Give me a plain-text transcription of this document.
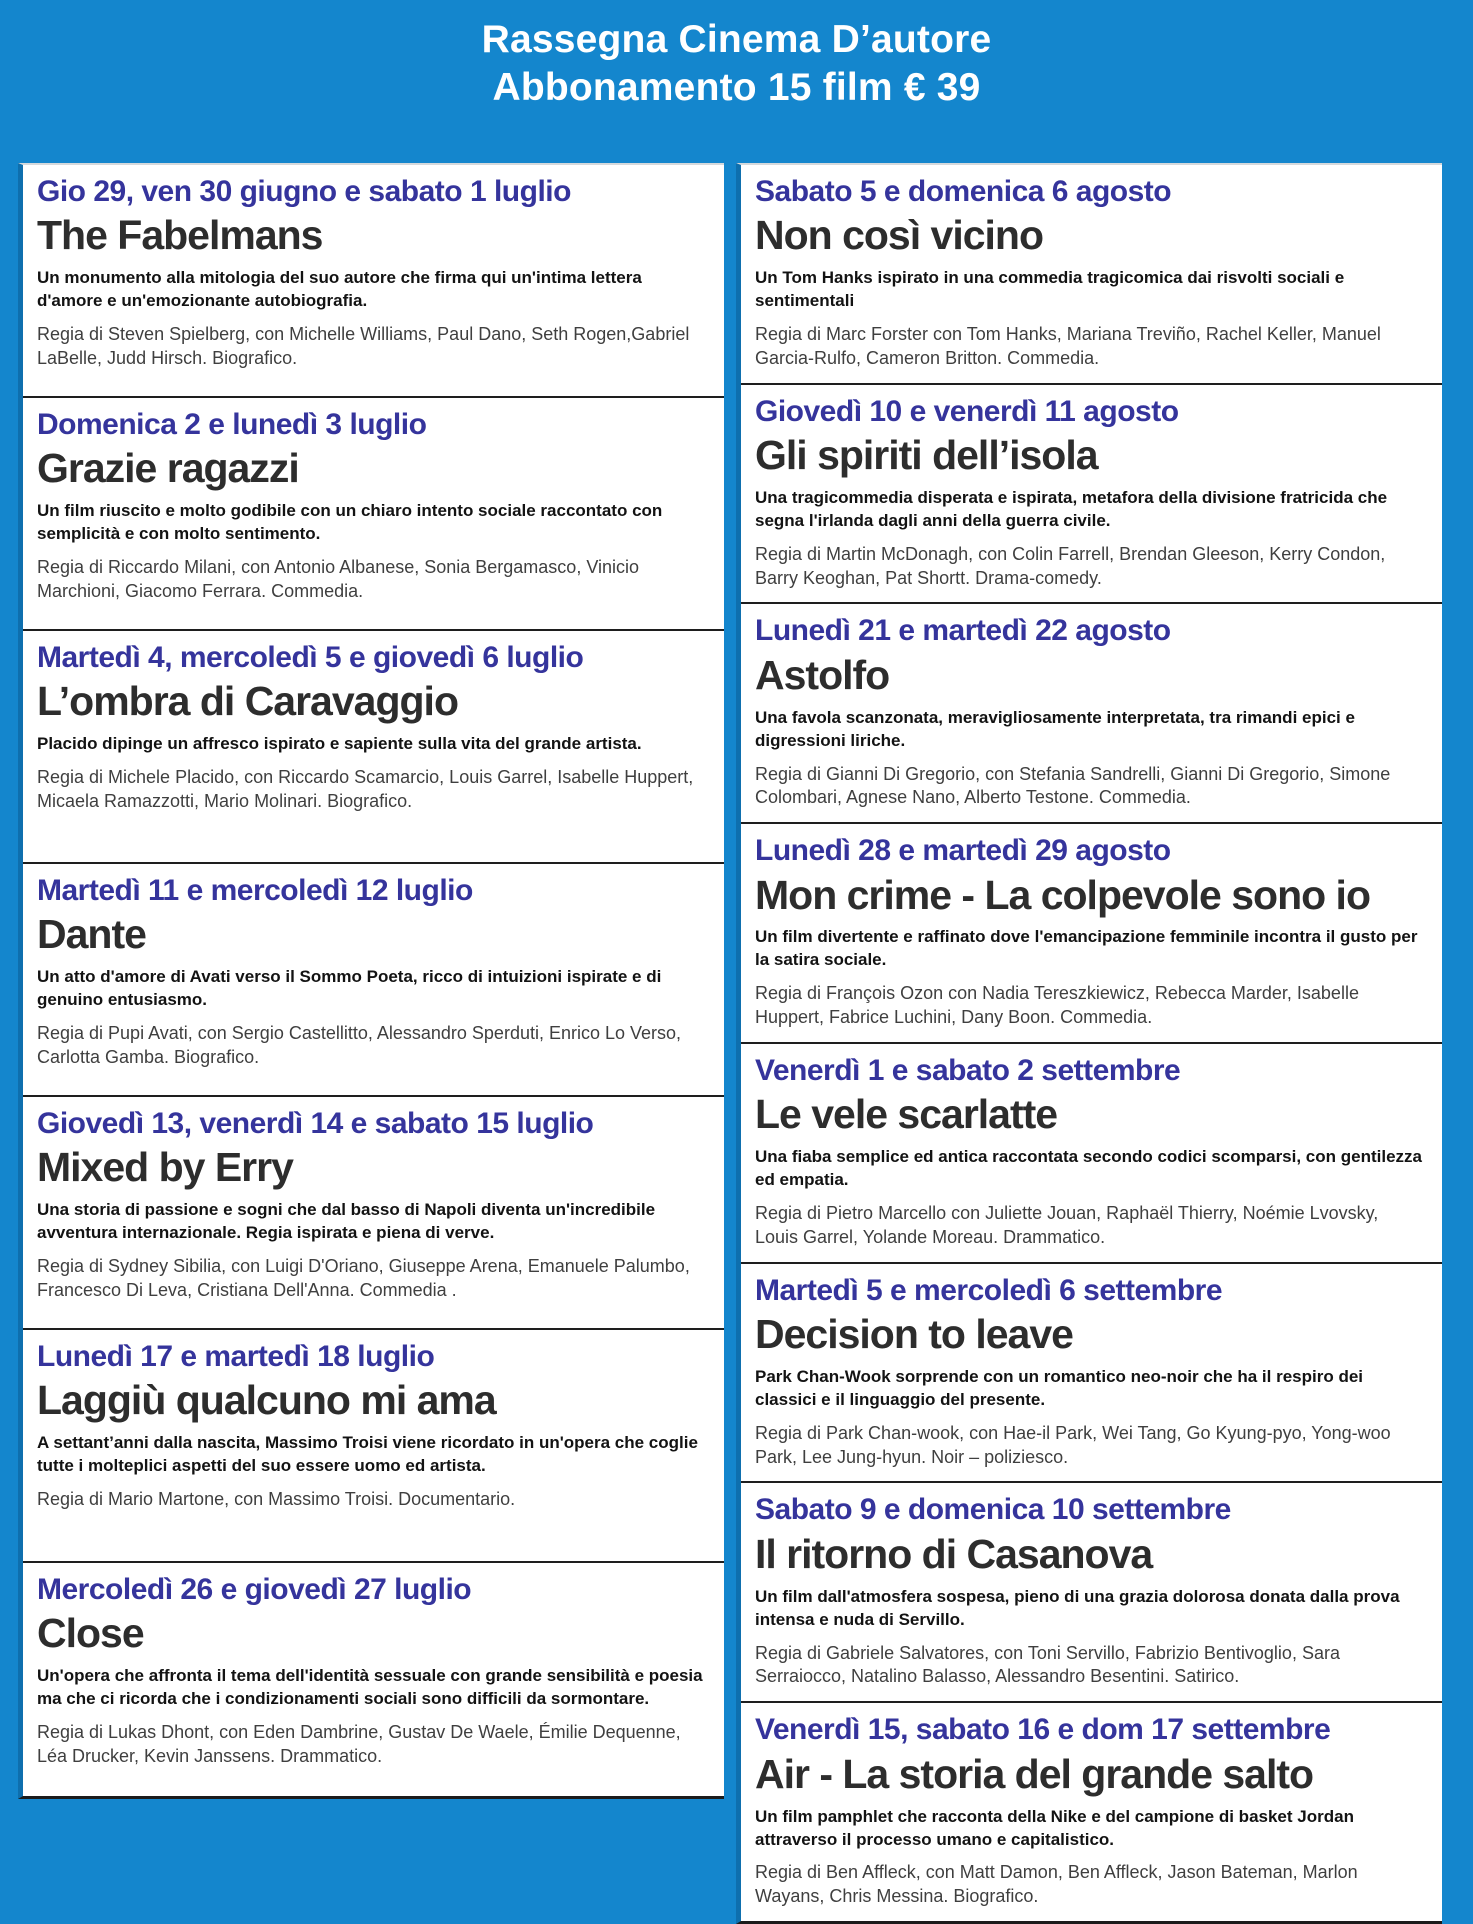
Rassegna Cinema D’autore
Abbonamento 15 film € 39
Gio 29, ven 30 giugno e sabato 1 luglio
The Fabelmans

Un monumento alla mitologia del suo autore che firma qui un'intima lettera d'amore e un'emozionante autobiografia.

Regia di Steven Spielberg, con Michelle Williams, Paul Dano, Seth Rogen,Gabriel LaBelle, Judd Hirsch. Biografico.

Domenica 2 e lunedì 3 luglio
Grazie ragazzi

Un film riuscito e molto godibile con un chiaro intento sociale raccontato con semplicità e con molto sentimento.

Regia di Riccardo Milani, con Antonio Albanese, Sonia Bergamasco, Vinicio Marchioni, Giacomo Ferrara. Commedia.

Martedì 4, mercoledì 5 e giovedì 6 luglio
L’ombra di Caravaggio

Placido dipinge un affresco ispirato e sapiente sulla vita del grande artista.

Regia di Michele Placido, con Riccardo Scamarcio, Louis Garrel, Isabelle Huppert, Micaela Ramazzotti, Mario Molinari. Biografico.

Martedì 11 e mercoledì 12 luglio
Dante

Un atto d'amore di Avati verso il Sommo Poeta, ricco di intuizioni ispirate e di genuino entusiasmo.

Regia di Pupi Avati, con Sergio Castellitto, Alessandro Sperduti, Enrico Lo Verso, Carlotta Gamba. Biografico.

Giovedì 13, venerdì 14 e sabato 15 luglio
Mixed by Erry

Una storia di passione e sogni che dal basso di Napoli diventa un'incredibile avventura internazionale. Regia ispirata e piena di verve.

Regia di Sydney Sibilia, con Luigi D'Oriano, Giuseppe Arena, Emanuele Palumbo, Francesco Di Leva, Cristiana Dell'Anna. Commedia .

Lunedì 17 e martedì 18 luglio
Laggiù qualcuno mi ama

A settant’anni dalla nascita, Massimo Troisi viene ricordato in un'opera che coglie tutte i molteplici aspetti del suo essere uomo ed artista.

Regia di Mario Martone, con Massimo Troisi. Documentario.

Mercoledì 26 e giovedì 27 luglio
Close

Un'opera che affronta il tema dell'identità sessuale con grande sensibilità e poesia ma che ci ricorda che i condizionamenti sociali sono difficili da sormontare.

Regia di Lukas Dhont, con Eden Dambrine, Gustav De Waele, Émilie Dequenne, Léa Drucker, Kevin Janssens. Drammatico.

Sabato 5 e domenica 6 agosto
Non così vicino

Un Tom Hanks ispirato in una commedia tragicomica dai risvolti sociali e sentimentali

Regia di Marc Forster con Tom Hanks, Mariana Treviño, Rachel Keller, Manuel Garcia-Rulfo, Cameron Britton. Commedia.

Giovedì 10 e venerdì 11 agosto
Gli spiriti dell’isola

Una tragicommedia disperata e ispirata, metafora della divisione fratricida che segna l'irlanda dagli anni della guerra civile.

Regia di Martin McDonagh, con Colin Farrell, Brendan Gleeson, Kerry Condon, Barry Keoghan, Pat Shortt. Drama-comedy.

Lunedì 21 e martedì 22 agosto
Astolfo

Una favola scanzonata, meravigliosamente interpretata, tra rimandi epici e digressioni liriche.

Regia di Gianni Di Gregorio, con Stefania Sandrelli, Gianni Di Gregorio, Simone Colombari, Agnese Nano, Alberto Testone. Commedia.

Lunedì 28 e martedì 29 agosto
Mon crime - La colpevole sono io

Un film divertente e raffinato dove l'emancipazione femminile incontra il gusto per la satira sociale.

Regia di François Ozon con Nadia Tereszkiewicz, Rebecca Marder, Isabelle Huppert, Fabrice Luchini, Dany Boon. Commedia.

Venerdì 1 e sabato 2 settembre
Le vele scarlatte

Una fiaba semplice ed antica raccontata secondo codici scomparsi, con gentilezza ed empatia.

Regia di Pietro Marcello con Juliette Jouan, Raphaël Thierry, Noémie Lvovsky, Louis Garrel, Yolande Moreau. Drammatico.

Martedì 5 e mercoledì 6 settembre
Decision to leave

Park Chan-Wook sorprende con un romantico neo-noir che ha il respiro dei classici e il linguaggio del presente.

Regia di Park Chan-wook, con Hae-il Park, Wei Tang, Go Kyung-pyo, Yong-woo Park, Lee Jung-hyun. Noir – poliziesco.

Sabato 9 e domenica 10 settembre
Il ritorno di Casanova

Un film dall'atmosfera sospesa, pieno di una grazia dolorosa donata dalla prova intensa e nuda di Servillo.

Regia di Gabriele Salvatores, con Toni Servillo, Fabrizio Bentivoglio, Sara Serraiocco, Natalino Balasso, Alessandro Besentini. Satirico.

Venerdì 15, sabato 16 e dom 17 settembre
Air - La storia del grande salto

Un film pamphlet che racconta della Nike e del campione di basket Jordan attraverso il processo umano e capitalistico.

Regia di Ben Affleck, con Matt Damon, Ben Affleck, Jason Bateman, Marlon Wayans, Chris Messina. Biografico.
